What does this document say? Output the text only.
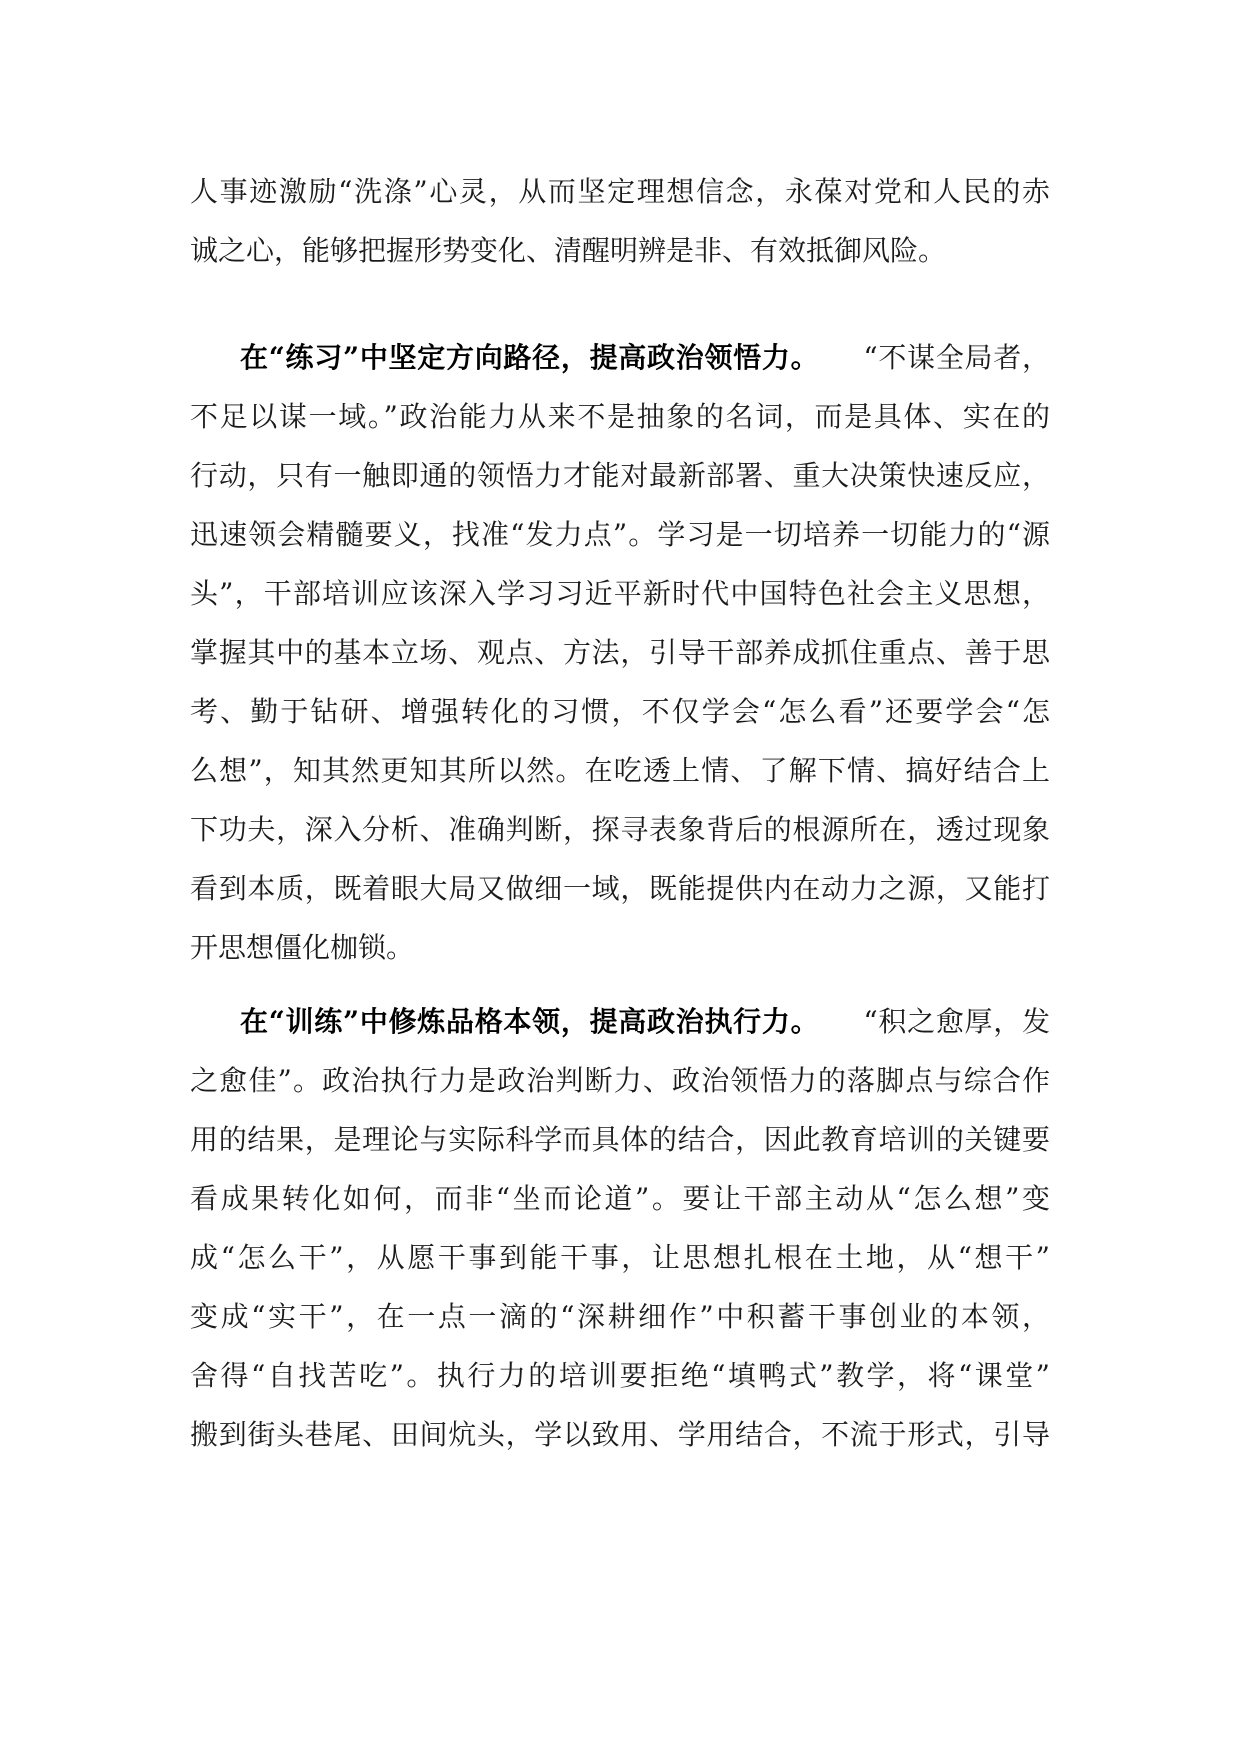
人事迹激励“洗涤”心灵，从而坚定理想信念，永葆对党和人民的赤
诚之心，能够把握形势变化、清醒明辨是非、有效抵御风险。
在“练习”中坚定方向路径，提高政治领悟力。 “不谋全局者，
不足以谋一域。”政治能力从来不是抽象的名词，而是具体、实在的
行动，只有一触即通的领悟力才能对最新部署、重大决策快速反应，
迅速领会精髓要义，找准“发力点”。学习是一切培养一切能力的“源
头”，干部培训应该深入学习习近平新时代中国特色社会主义思想，
掌握其中的基本立场、观点、方法，引导干部养成抓住重点、善于思
考、勤于钻研、增强转化的习惯，不仅学会“怎么看”还要学会“怎
么想”，知其然更知其所以然。在吃透上情、了解下情、搞好结合上
下功夫，深入分析、准确判断，探寻表象背后的根源所在，透过现象
看到本质，既着眼大局又做细一域，既能提供内在动力之源，又能打
开思想僵化枷锁。
在“训练”中修炼品格本领，提高政治执行力。 “积之愈厚，发
之愈佳”。政治执行力是政治判断力、政治领悟力的落脚点与综合作
用的结果，是理论与实际科学而具体的结合，因此教育培训的关键要
看成果转化如何，而非“坐而论道”。要让干部主动从“怎么想”变
成“怎么干”，从愿干事到能干事，让思想扎根在土地，从“想干”
变成“实干”，在一点一滴的“深耕细作”中积蓄干事创业的本领，
舍得“自找苦吃”。执行力的培训要拒绝“填鸭式”教学，将“课堂”
搬到街头巷尾、田间炕头，学以致用、学用结合，不流于形式，引导
